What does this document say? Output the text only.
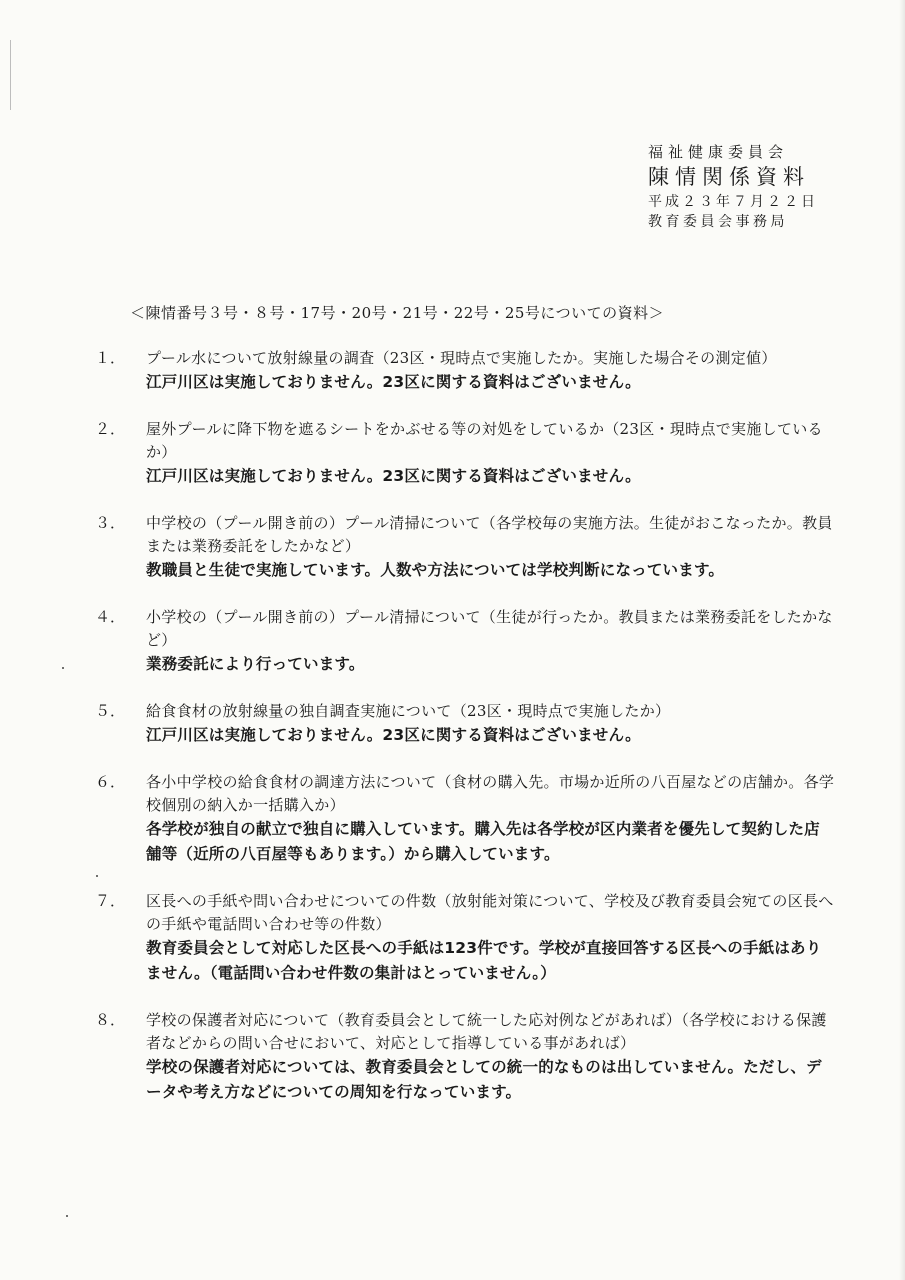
福祉健康委員会
陳情関係資料
平成２３年７月２２日
教育委員会事務局
＜陳情番号３号・８号・17号・20号・21号・22号・25号についての資料＞
１．	プール水について放射線量の調査（23区・現時点で実施したか。実施した場合その測定値）
江戸川区は実施しておりません。23区に関する資料はございません。
２．	屋外プールに降下物を遮るシートをかぶせる等の対処をしているか（23区・現時点で実施しているか）
江戸川区は実施しておりません。23区に関する資料はございません。
３．	中学校の（プール開き前の）プール清掃について（各学校毎の実施方法。生徒がおこなったか。教員または業務委託をしたかなど）
教職員と生徒で実施しています。人数や方法については学校判断になっています。
４．	小学校の（プール開き前の）プール清掃について（生徒が行ったか。教員または業務委託をしたかなど）
業務委託により行っています。
５．	給食食材の放射線量の独自調査実施について（23区・現時点で実施したか）
江戸川区は実施しておりません。23区に関する資料はございません。
６．	各小中学校の給食食材の調達方法について（食材の購入先。市場か近所の八百屋などの店舗か。各学校個別の納入か一括購入か）
各学校が独自の献立で独自に購入しています。購入先は各学校が区内業者を優先して契約した店舗等（近所の八百屋等もあります。）から購入しています。
７．	区長への手紙や問い合わせについての件数（放射能対策について、学校及び教育委員会宛ての区長への手紙や電話問い合わせ等の件数）
教育委員会として対応した区長への手紙は123件です。学校が直接回答する区長への手紙はありません。（電話問い合わせ件数の集計はとっていません。）
８．	学校の保護者対応について（教育委員会として統一した応対例などがあれば）（各学校における保護者などからの問い合せにおいて、対応として指導している事があれば）
学校の保護者対応については、教育委員会としての統一的なものは出していません。ただし、データや考え方などについての周知を行なっています。
